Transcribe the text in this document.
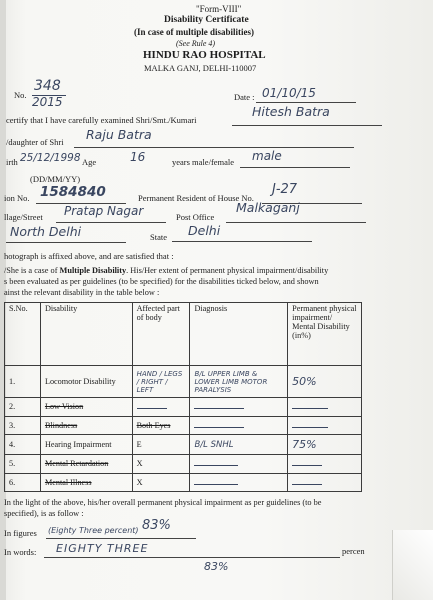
"Form-VIII"
Disability Certificate
(In case of multiple disabilities)
(See Rule 4)
HINDU RAO HOSPITAL
MALKA GANJ, DELHI-110007
No.
348
2015	Date : 01/10/15
certify that I have carefully examined Shri/Smt./Kumari
Hitesh Batra
/daughter of Shri Raju Batra
irth 25/12/1998 Age	16	years male/female male
(DD/MM/YY)
ion No. 1584840	Permanent Resident of House No.
J-27
llage/Street Pratap Nagar	Post Office
Malkaganj
North Delhi	State Delhi
hotograph is affixed above, and are satisfied that :
/She is a case of Multiple Disability. His/Her extent of permanent physical impairment/disability
s been evaluated as per guidelines (to be specified) for the disabilities ticked below, and shown
ainst the relevant disability in the table below :
S.No.	Disability	Affected part of body	Diagnosis	Permanent physical impairment/ Mental Disability (in%)
1.	Locomotor Disability	HAND / LEGS / RIGHT / LEFT	B/L UPPER LIMB & LOWER LIMB MOTOR PARALYSIS	50%
2.	Low Vision			
3.	Blindness	Both Eyes		
4.	Hearing Impairment	E	B/L SNHL	75%
5.	Mental Retardation	X		
6.	Mental Illness	X		
In the light of the above, his/her overall permanent physical impairment as per guidelines (to be
specified), is as follow :
In figures (Eighty Three percent) 83%
In words: EIGHTY THREE	percen
83%
